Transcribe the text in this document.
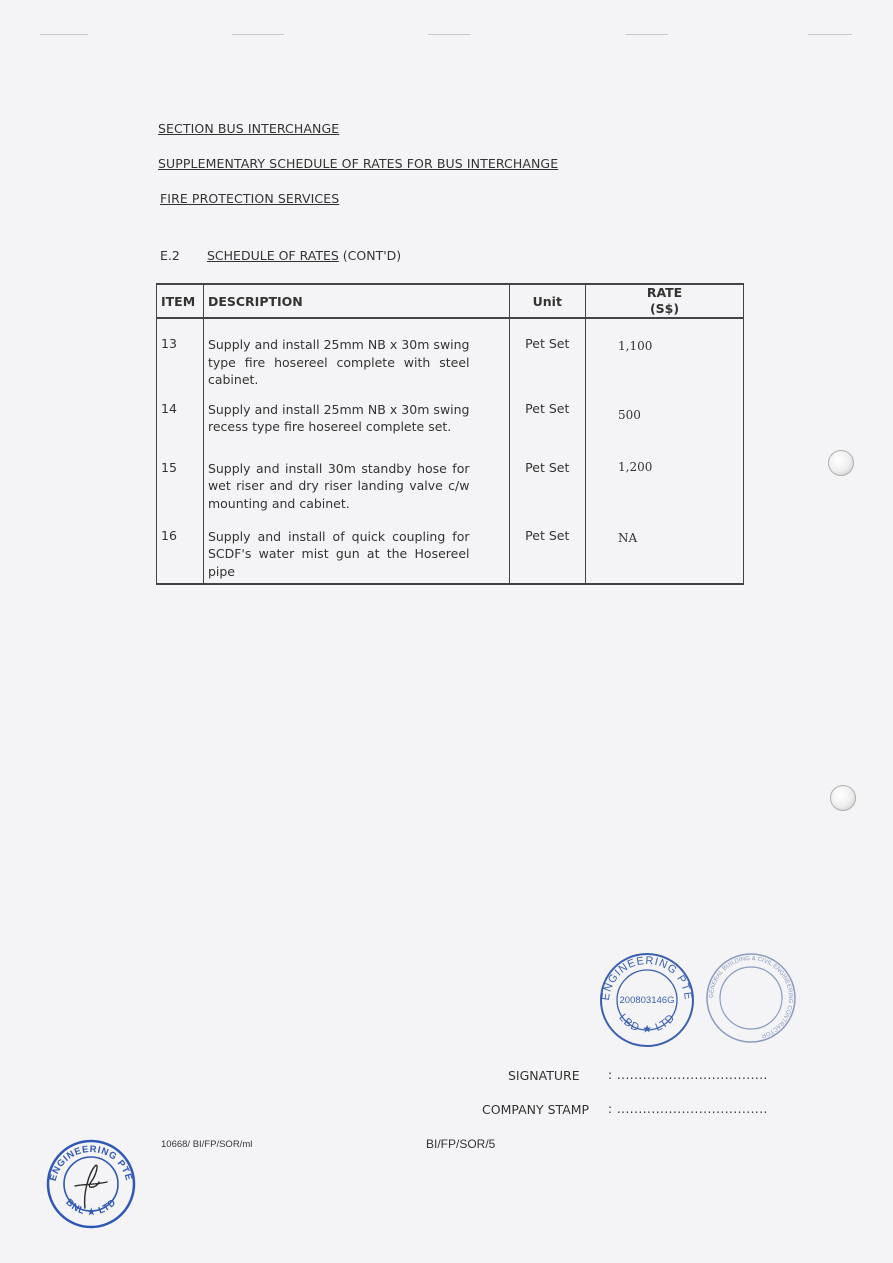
SECTION BUS INTERCHANGE
SUPPLEMENTARY SCHEDULE OF RATES FOR BUS INTERCHANGE
FIRE PROTECTION SERVICES
E.2 SCHEDULE OF RATES (CONT'D)
ITEM	DESCRIPTION	Unit	RATE
(S$)

13	Supply and install 25mm NB x 30m swing type fire hosereel complete with steel cabinet.	Pet Set	1,100
14	Supply and install 25mm NB x 30m swing recess type fire hosereel complete set.	Pet Set	500
15	Supply and install 30m standby hose for wet riser and dry riser landing valve c/w mounting and cabinet.	Pet Set	1,200
16	Supply and install of quick coupling for SCDF's water mist gun at the Hosereel pipe	Pet Set	NA
ENGINEERING PTE
LBD ★ LTD
200803146G	GENERAL BUILDING & CIVIL ENGINEERING CONTRACTOR
SIGNATURE : ...................................
COMPANY STAMP : ...................................
10668/ BI/FP/SOR/ml	BI/FP/SOR/5
ENGINEERING PTE
BNL ★ LTD
